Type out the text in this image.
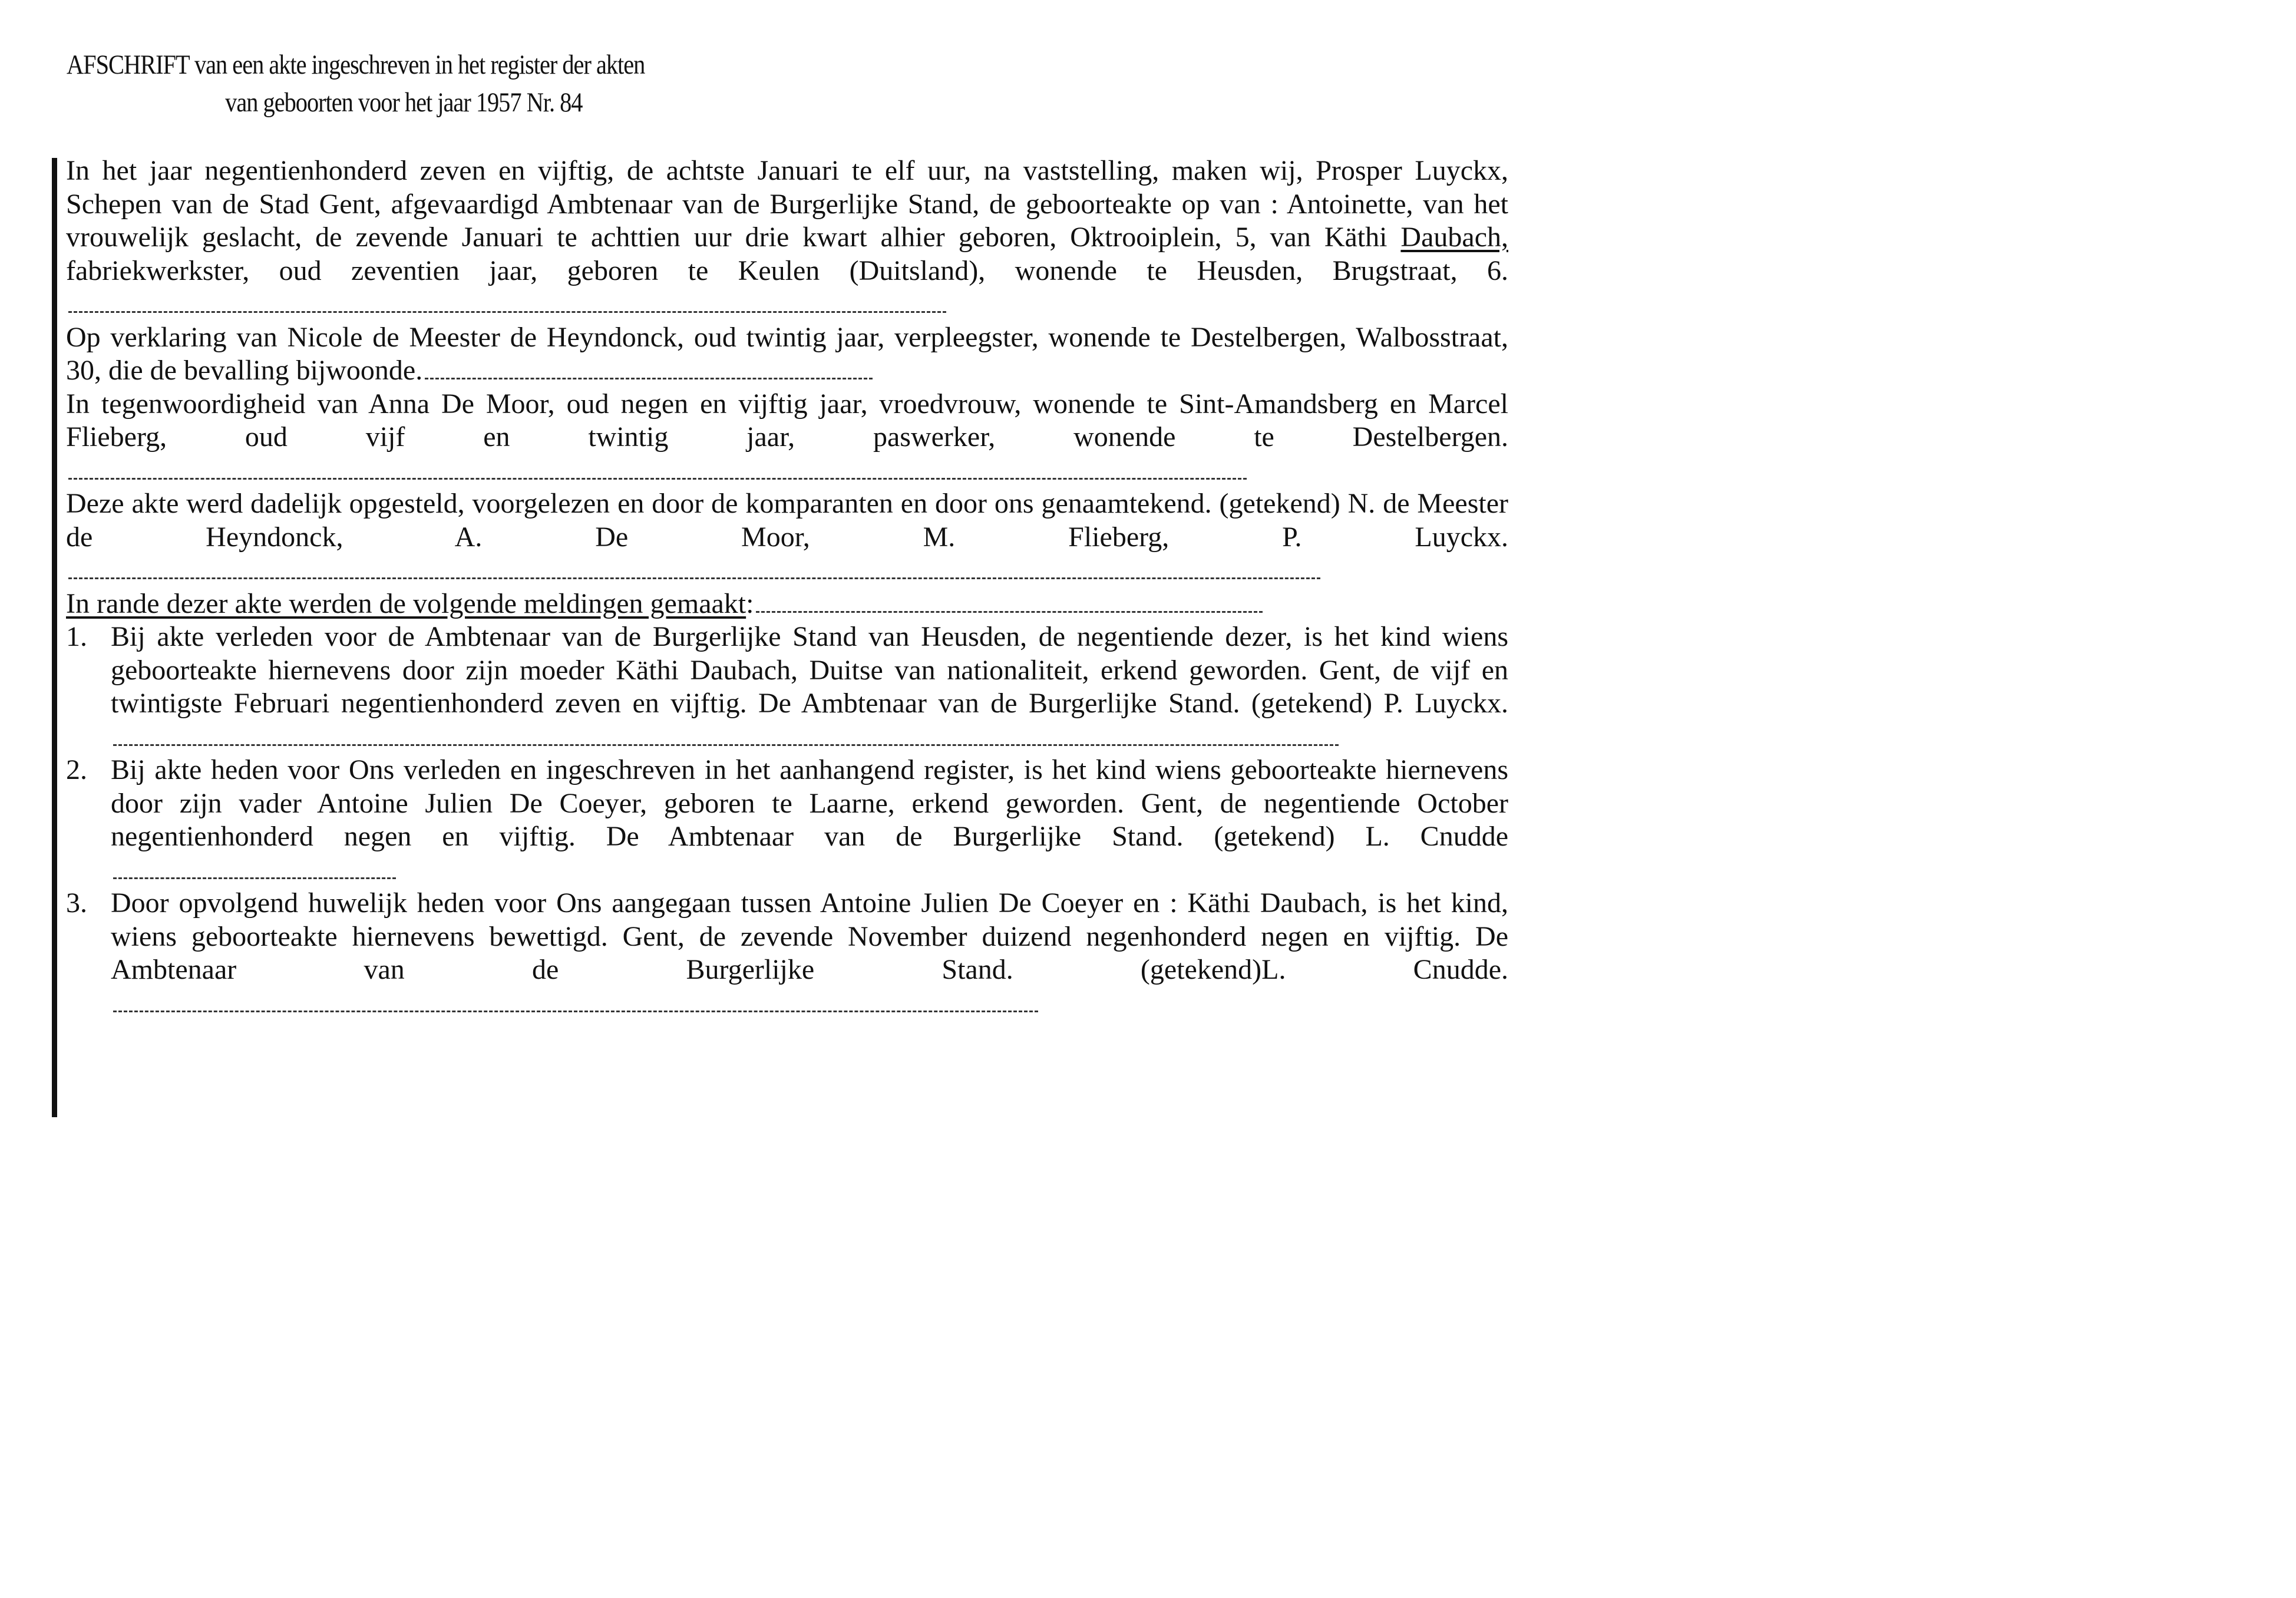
AFSCHRIFT van een akte ingeschreven in het register der akten
van geboorten voor het jaar 1957 Nr. 84

In het jaar negentienhonderd zeven en vijftig, de achtste Januari te elf uur, na vaststelling, maken wij, Prosper Luyckx, Schepen van de Stad Gent, afgevaardigd Ambtenaar van de Burgerlijke Stand, de geboorteakte op van : Antoinette, van het vrouwelijk geslacht, de zevende Januari te achttien uur drie kwart alhier geboren, Oktrooiplein, 5, van Käthi Daubach, fabriekwerkster, oud zeventien jaar, geboren te Keulen (Duitsland), wonende te Heusden, Brugstraat, 6.

Op verklaring van Nicole de Meester de Heyndonck, oud twintig jaar, verpleegster, wonende te Destelbergen, Walbosstraat, 30, die de bevalling bijwoonde.

In tegenwoordigheid van Anna De Moor, oud negen en vijftig jaar, vroedvrouw, wonende te Sint-Amandsberg en Marcel Flieberg, oud vijf en twintig jaar, paswerker, wonende te Destelbergen.

Deze akte werd dadelijk opgesteld, voorgelezen en door de komparanten en door ons genaamtekend. (getekend) N. de Meester de Heyndonck, A. De Moor, M. Flieberg, P. Luyckx.

In rande dezer akte werden de volgende meldingen gemaakt:

1. Bij akte verleden voor de Ambtenaar van de Burgerlijke Stand van Heusden, de negentiende dezer, is het kind wiens geboorteakte hiernevens door zijn moeder Käthi Daubach, Duitse van nationaliteit, erkend geworden. Gent, de vijf en twintigste Februari negentienhonderd zeven en vijftig. De Ambtenaar van de Burgerlijke Stand. (getekend) P. Luyckx.
2. Bij akte heden voor Ons verleden en ingeschreven in het aanhangend register, is het kind wiens geboorteakte hiernevens door zijn vader Antoine Julien De Coeyer, geboren te Laarne, erkend geworden. Gent, de negentiende October negentienhonderd negen en vijftig. De Ambtenaar van de Burgerlijke Stand. (getekend) L. Cnudde
3. Door opvolgend huwelijk heden voor Ons aangegaan tussen Antoine Julien De Coeyer en : Käthi Daubach, is het kind, wiens geboorteakte hiernevens bewettigd. Gent, de zevende November duizend negenhonderd negen en vijftig. De Ambtenaar van de Burgerlijke Stand. (getekend)L. Cnudde.
